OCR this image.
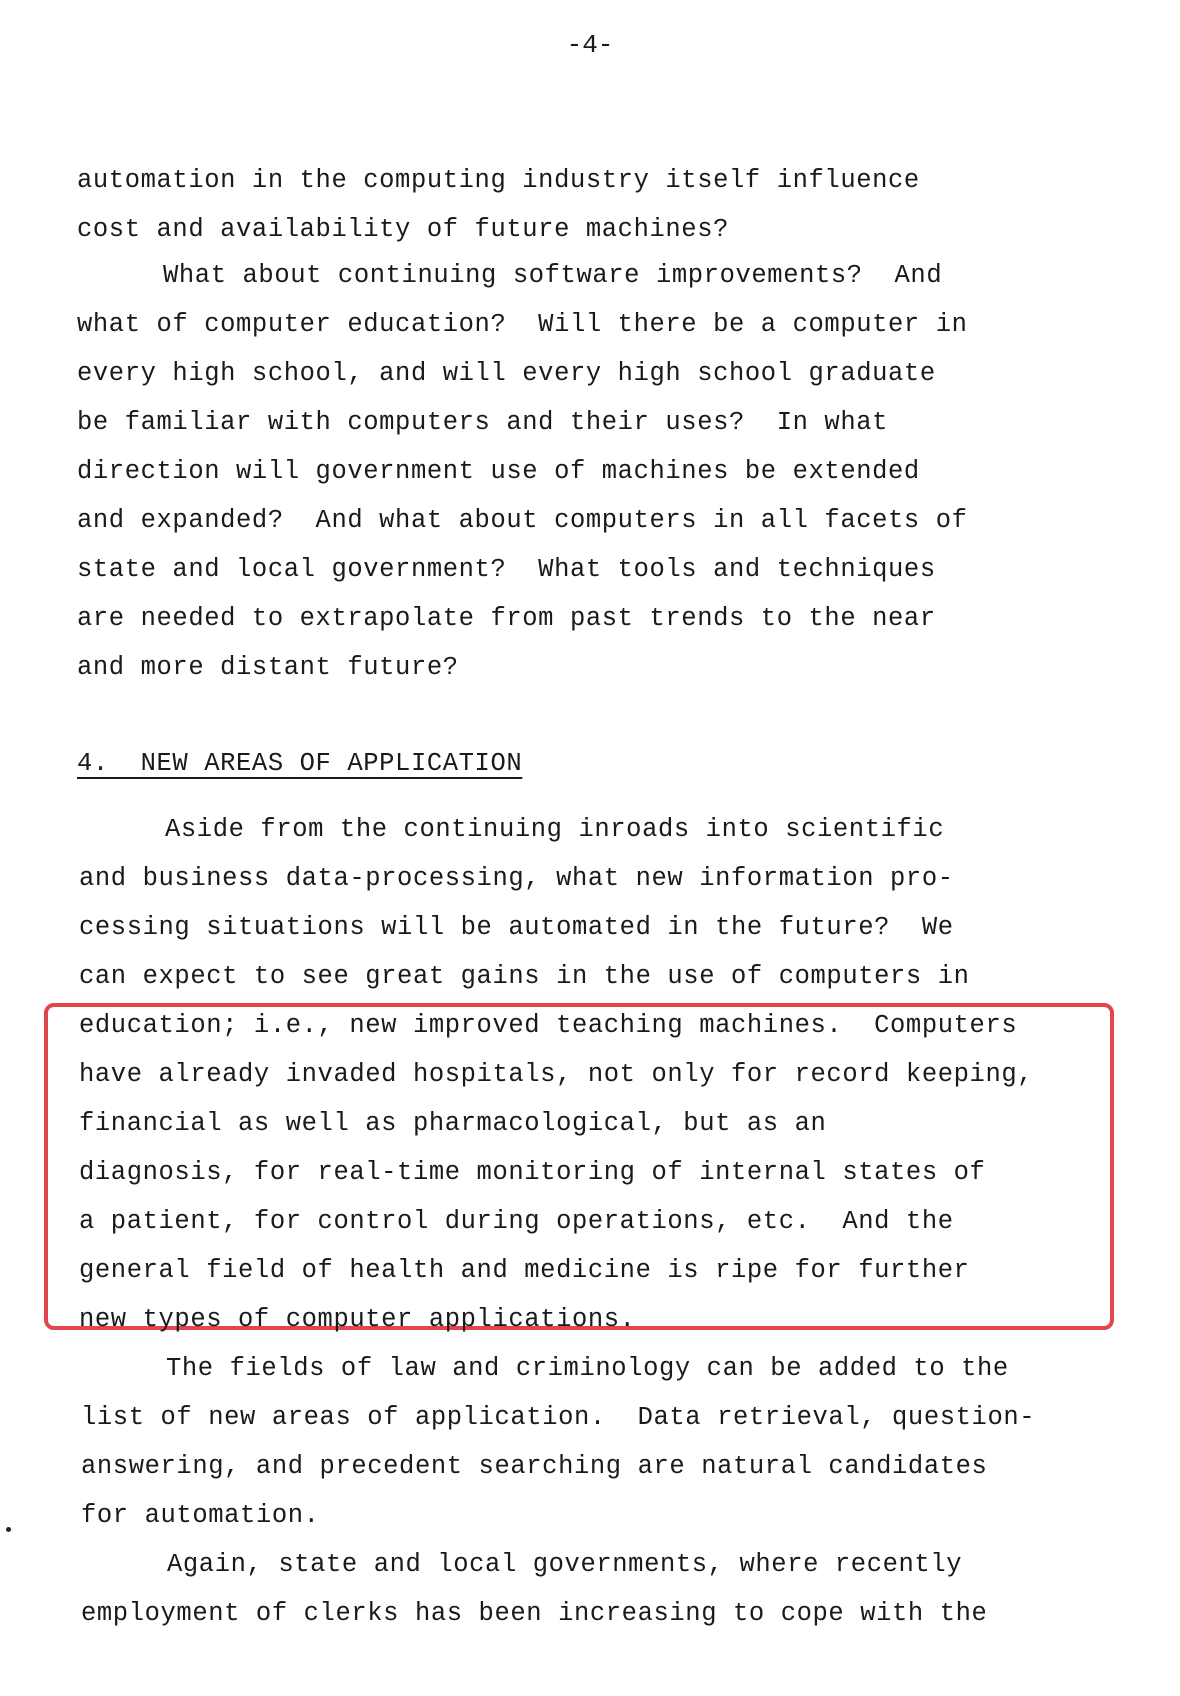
-4-
automation in the computing industry itself influence
cost and availability of future machines?
What about continuing software improvements?  And
what of computer education?  Will there be a computer in
every high school, and will every high school graduate
be familiar with computers and their uses?  In what
direction will government use of machines be extended
and expanded?  And what about computers in all facets of
state and local government?  What tools and techniques
are needed to extrapolate from past trends to the near
and more distant future?
4.  NEW AREAS OF APPLICATION
Aside from the continuing inroads into scientific
and business data-processing, what new information pro-
cessing situations will be automated in the future?  We
can expect to see great gains in the use of computers in
education; i.e., new improved teaching machines.  Computers
have already invaded hospitals, not only for record keeping,
financial as well as pharmacological, but as an
diagnosis, for real-time monitoring of internal states of
a patient, for control during operations, etc.  And the
general field of health and medicine is ripe for further
new types of computer applications.
The fields of law and criminology can be added to the
list of new areas of application.  Data retrieval, question-
answering, and precedent searching are natural candidates
for automation.
Again, state and local governments, where recently
employment of clerks has been increasing to cope with the
